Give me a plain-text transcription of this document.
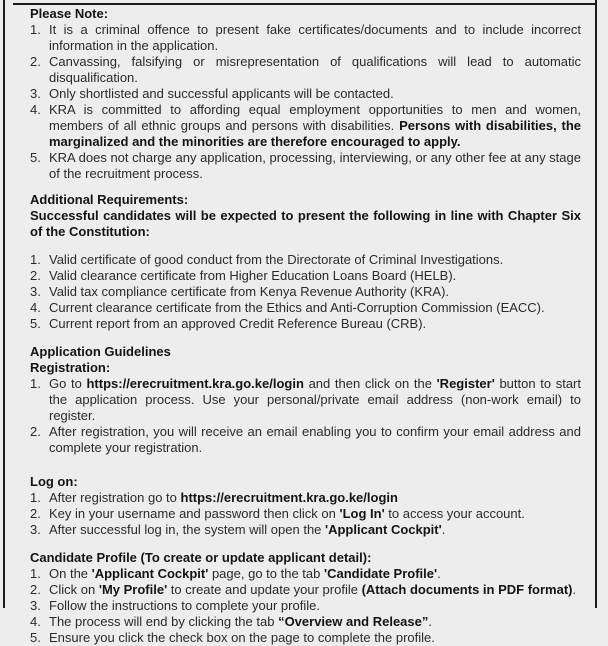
Please Note:
It is a criminal offence to present fake certificates/documents and to include incorrect information in the application.
Canvassing, falsifying or misrepresentation of qualifications will lead to automatic disqualification.
Only shortlisted and successful applicants will be contacted.
KRA is committed to affording equal employment opportunities to men and women, members of all ethnic groups and persons with disabilities. Persons with disabilities, the marginalized and the minorities are therefore encouraged to apply.
KRA does not charge any application, processing, interviewing, or any other fee at any stage of the recruitment process.
Additional Requirements:
Successful candidates will be expected to present the following in line with Chapter Six of the Constitution:
Valid certificate of good conduct from the Directorate of Criminal Investigations.
Valid clearance certificate from Higher Education Loans Board (HELB).
Valid tax compliance certificate from Kenya Revenue Authority (KRA).
Current clearance certificate from the Ethics and Anti-Corruption Commission (EACC).
Current report from an approved Credit Reference Bureau (CRB).
Application Guidelines
Registration:
Go to https://erecruitment.kra.go.ke/login and then click on the 'Register' button to start the application process. Use your personal/private email address (non-work email) to register.
After registration, you will receive an email enabling you to confirm your email address and complete your registration.
Log on:
After registration go to https://erecruitment.kra.go.ke/login
Key in your username and password then click on 'Log In' to access your account.
After successful log in, the system will open the 'Applicant Cockpit'.
Candidate Profile (To create or update applicant detail):
On the 'Applicant Cockpit' page, go to the tab 'Candidate Profile'.
Click on 'My Profile' to create and update your profile (Attach documents in PDF format).
Follow the instructions to complete your profile.
The process will end by clicking the tab “Overview and Release”.
Ensure you click the check box on the page to complete the profile.
